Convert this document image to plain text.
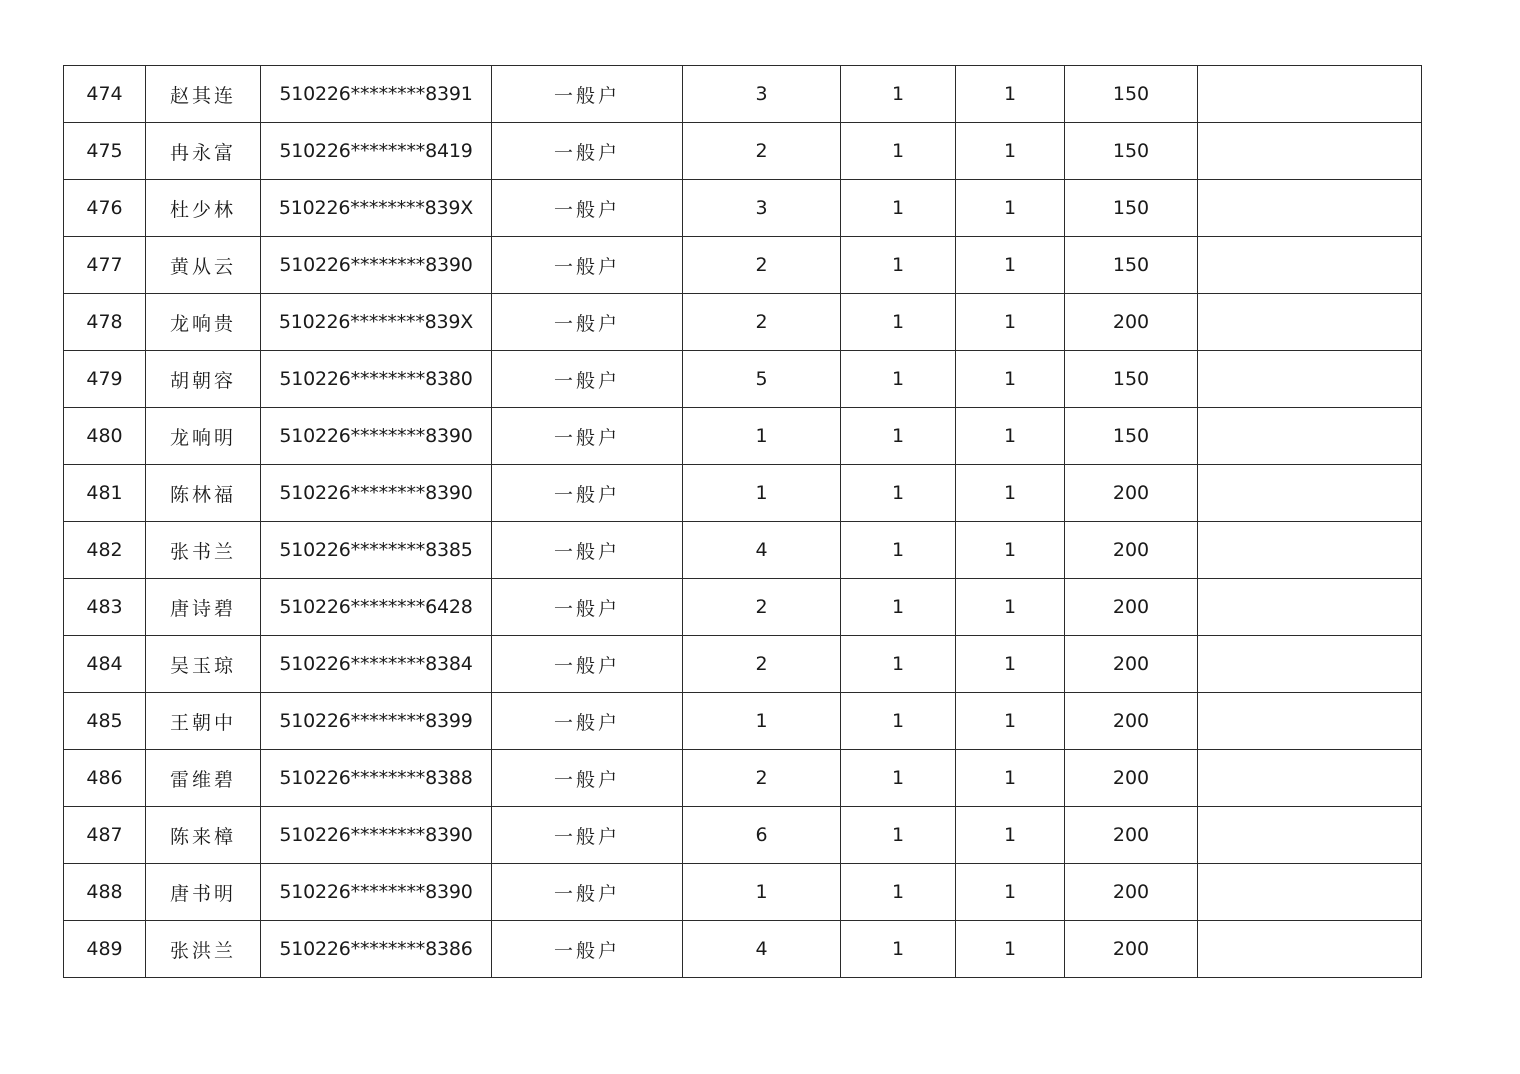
474	赵其连	510226********8391	一般户	3	1	1	150	
475	冉永富	510226********8419	一般户	2	1	1	150	
476	杜少林	510226********839X	一般户	3	1	1	150	
477	黄从云	510226********8390	一般户	2	1	1	150	
478	龙响贵	510226********839X	一般户	2	1	1	200	
479	胡朝容	510226********8380	一般户	5	1	1	150	
480	龙响明	510226********8390	一般户	1	1	1	150	
481	陈林福	510226********8390	一般户	1	1	1	200	
482	张书兰	510226********8385	一般户	4	1	1	200	
483	唐诗碧	510226********6428	一般户	2	1	1	200	
484	吴玉琼	510226********8384	一般户	2	1	1	200	
485	王朝中	510226********8399	一般户	1	1	1	200	
486	雷维碧	510226********8388	一般户	2	1	1	200	
487	陈来樟	510226********8390	一般户	6	1	1	200	
488	唐书明	510226********8390	一般户	1	1	1	200	
489	张洪兰	510226********8386	一般户	4	1	1	200	
